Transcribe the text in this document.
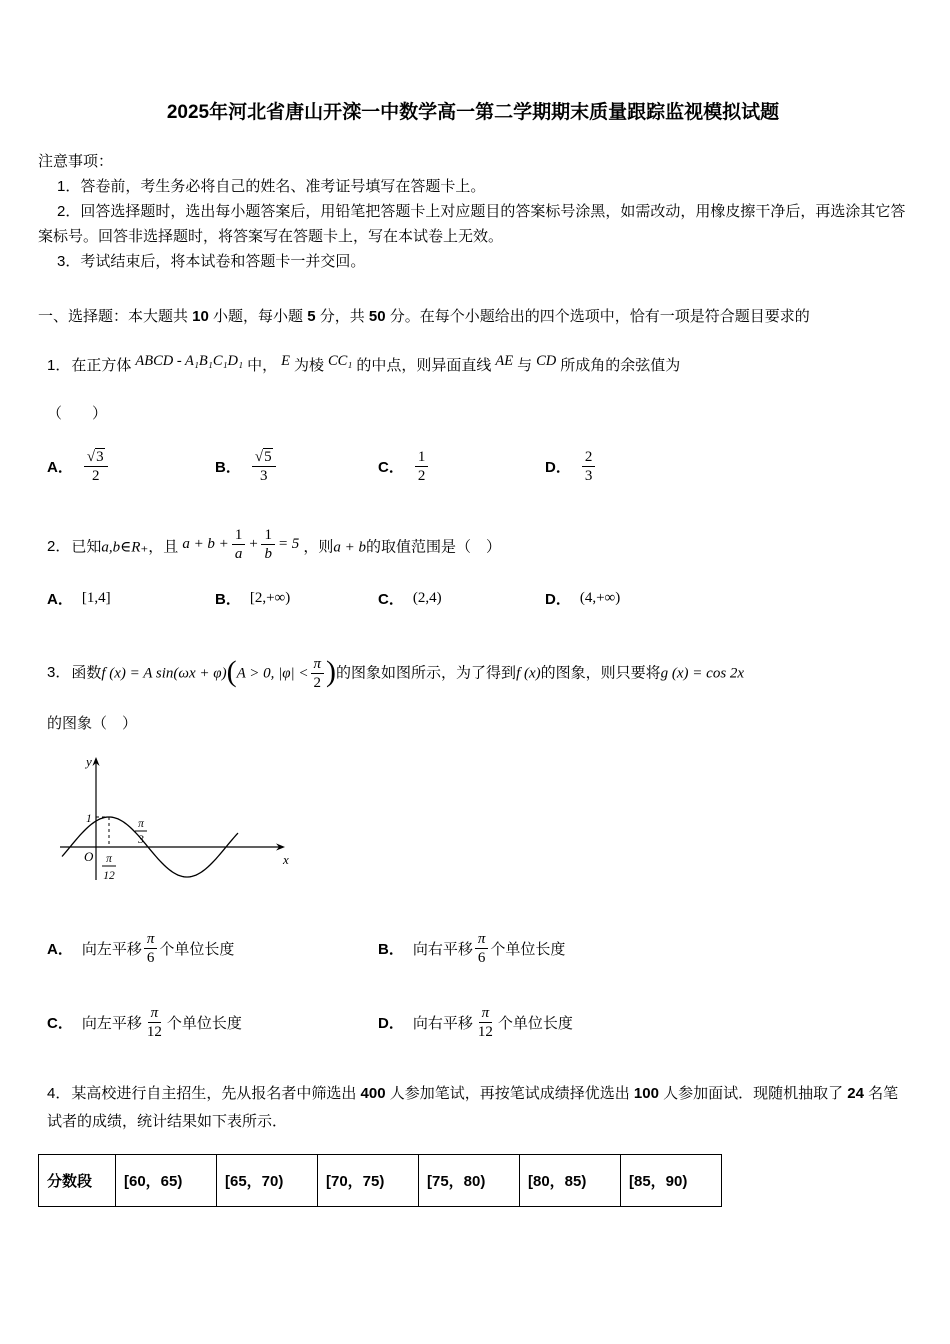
2025年河北省唐山开滦一中数学高一第二学期期末质量跟踪监视模拟试题
注意事项：
1．答卷前，考生务必将自己的姓名、准考证号填写在答题卡上。
2．回答选择题时，选出每小题答案后，用铅笔把答题卡上对应题目的答案标号涂黑，如需改动，用橡皮擦干净后，再选涂其它答案标号。回答非选择题时，将答案写在答题卡上，写在本试卷上无效。
3．考试结束后，将本试卷和答题卡一并交回。
一、选择题：本大题共 10 小题，每小题 5 分，共 50 分。在每个小题给出的四个选项中，恰有一项是符合题目要求的
1．在正方体 ABCD - A₁B₁C₁D₁ 中， E 为棱 CC₁ 的中点，则异面直线 AE 与 CD 所成角的余弦值为
（　　）
A． $\frac{√3}{2}$	B． $\frac{√5}{3}$	C． $\frac{1}{2}$	D． $\frac{2}{3}$
2．已知a,b∈R₊，且 $a + b + \frac{1}{a} + \frac{1}{b} = 5$ ，则a + b的取值范围是（　）
A． [1,4]	B． [2,+∞)	C． (2,4)	D． (4,+∞)
3．函数f (x) = A sin(ωx + φ)(A > 0, $|\varphi| < \frac{\pi}{2}$ )的图象如图所示，为了得到f (x)的图象，则只要将g (x) = cos 2x
的图象（　）
y
x
O
1	π
3
π
12
A． 向左平移 $\frac{\pi}{6}$ 个单位长度	B． 向右平移 $\frac{\pi}{6}$ 个单位长度
C． 向左平移 $\frac{\pi}{12}$ 个单位长度	D． 向右平移 $\frac{\pi}{12}$ 个单位长度
4．某高校进行自主招生，先从报名者中筛选出 400 人参加笔试，再按笔试成绩择优选出 100 人参加面试．现随机抽取了 24 名笔试者的成绩，统计结果如下表所示．
分数段	[60，65)	[65，70)	[70，75)	[75，80)	[80，85)	[85，90)
